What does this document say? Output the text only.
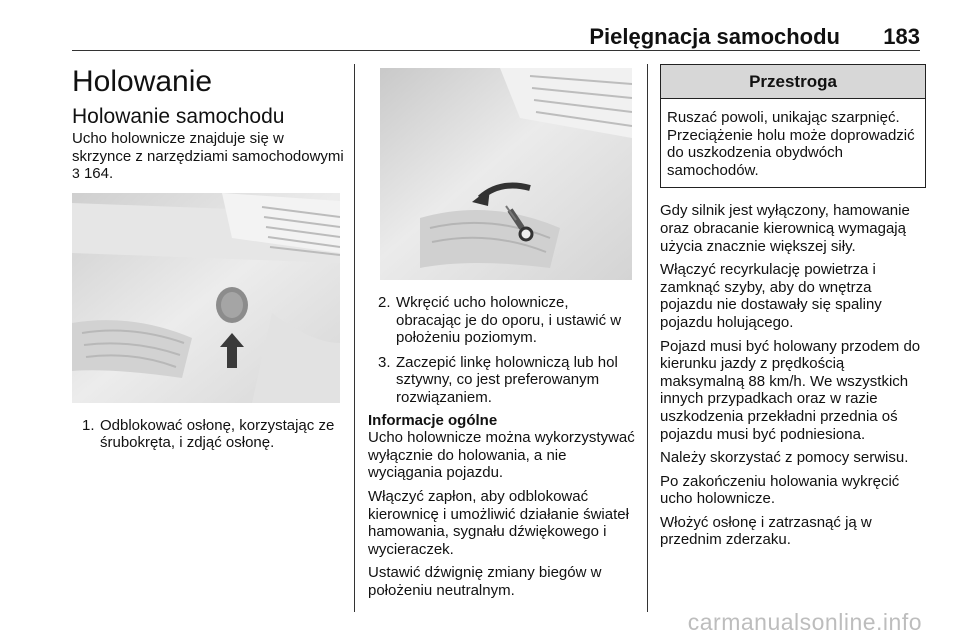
Pielęgnacja samochodu 183
Holowanie
Holowanie samochodu

Ucho holownicze znajduje się w skrzynce z narzędziami samochodowymi 3 164.

1. Odblokować osłonę, korzystając ze śrubokręta, i zdjąć osłonę.
2. Wkręcić ucho holownicze, obracając je do oporu, i ustawić w położeniu poziomym.
3. Zaczepić linkę holowniczą lub hol sztywny, co jest preferowanym rozwiązaniem.
Informacje ogólne

Ucho holownicze można wykorzystywać wyłącznie do holowania, a nie wyciągania pojazdu.

Włączyć zapłon, aby odblokować kierownicę i umożliwić działanie świateł hamowania, sygnału dźwiękowego i wycieraczek.

Ustawić dźwignię zmiany biegów w położeniu neutralnym.

Przestroga

Ruszać powoli, unikając szarpnięć. Przeciążenie holu może doprowadzić do uszkodzenia obydwóch samochodów.

Gdy silnik jest wyłączony, hamowanie oraz obracanie kierownicą wymagają użycia znacznie większej siły.

Włączyć recyrkulację powietrza i zamknąć szyby, aby do wnętrza pojazdu nie dostawały się spaliny pojazdu holującego.

Pojazd musi być holowany przodem do kierunku jazdy z prędkością maksymalną 88 km/h. We wszystkich innych przypadkach oraz w razie uszkodzenia przekładni przednia oś pojazdu musi być podniesiona.

Należy skorzystać z pomocy serwisu.

Po zakończeniu holowania wykręcić ucho holownicze.

Włożyć osłonę i zatrzasnąć ją w przednim zderzaku.

carmanualsonline.info
